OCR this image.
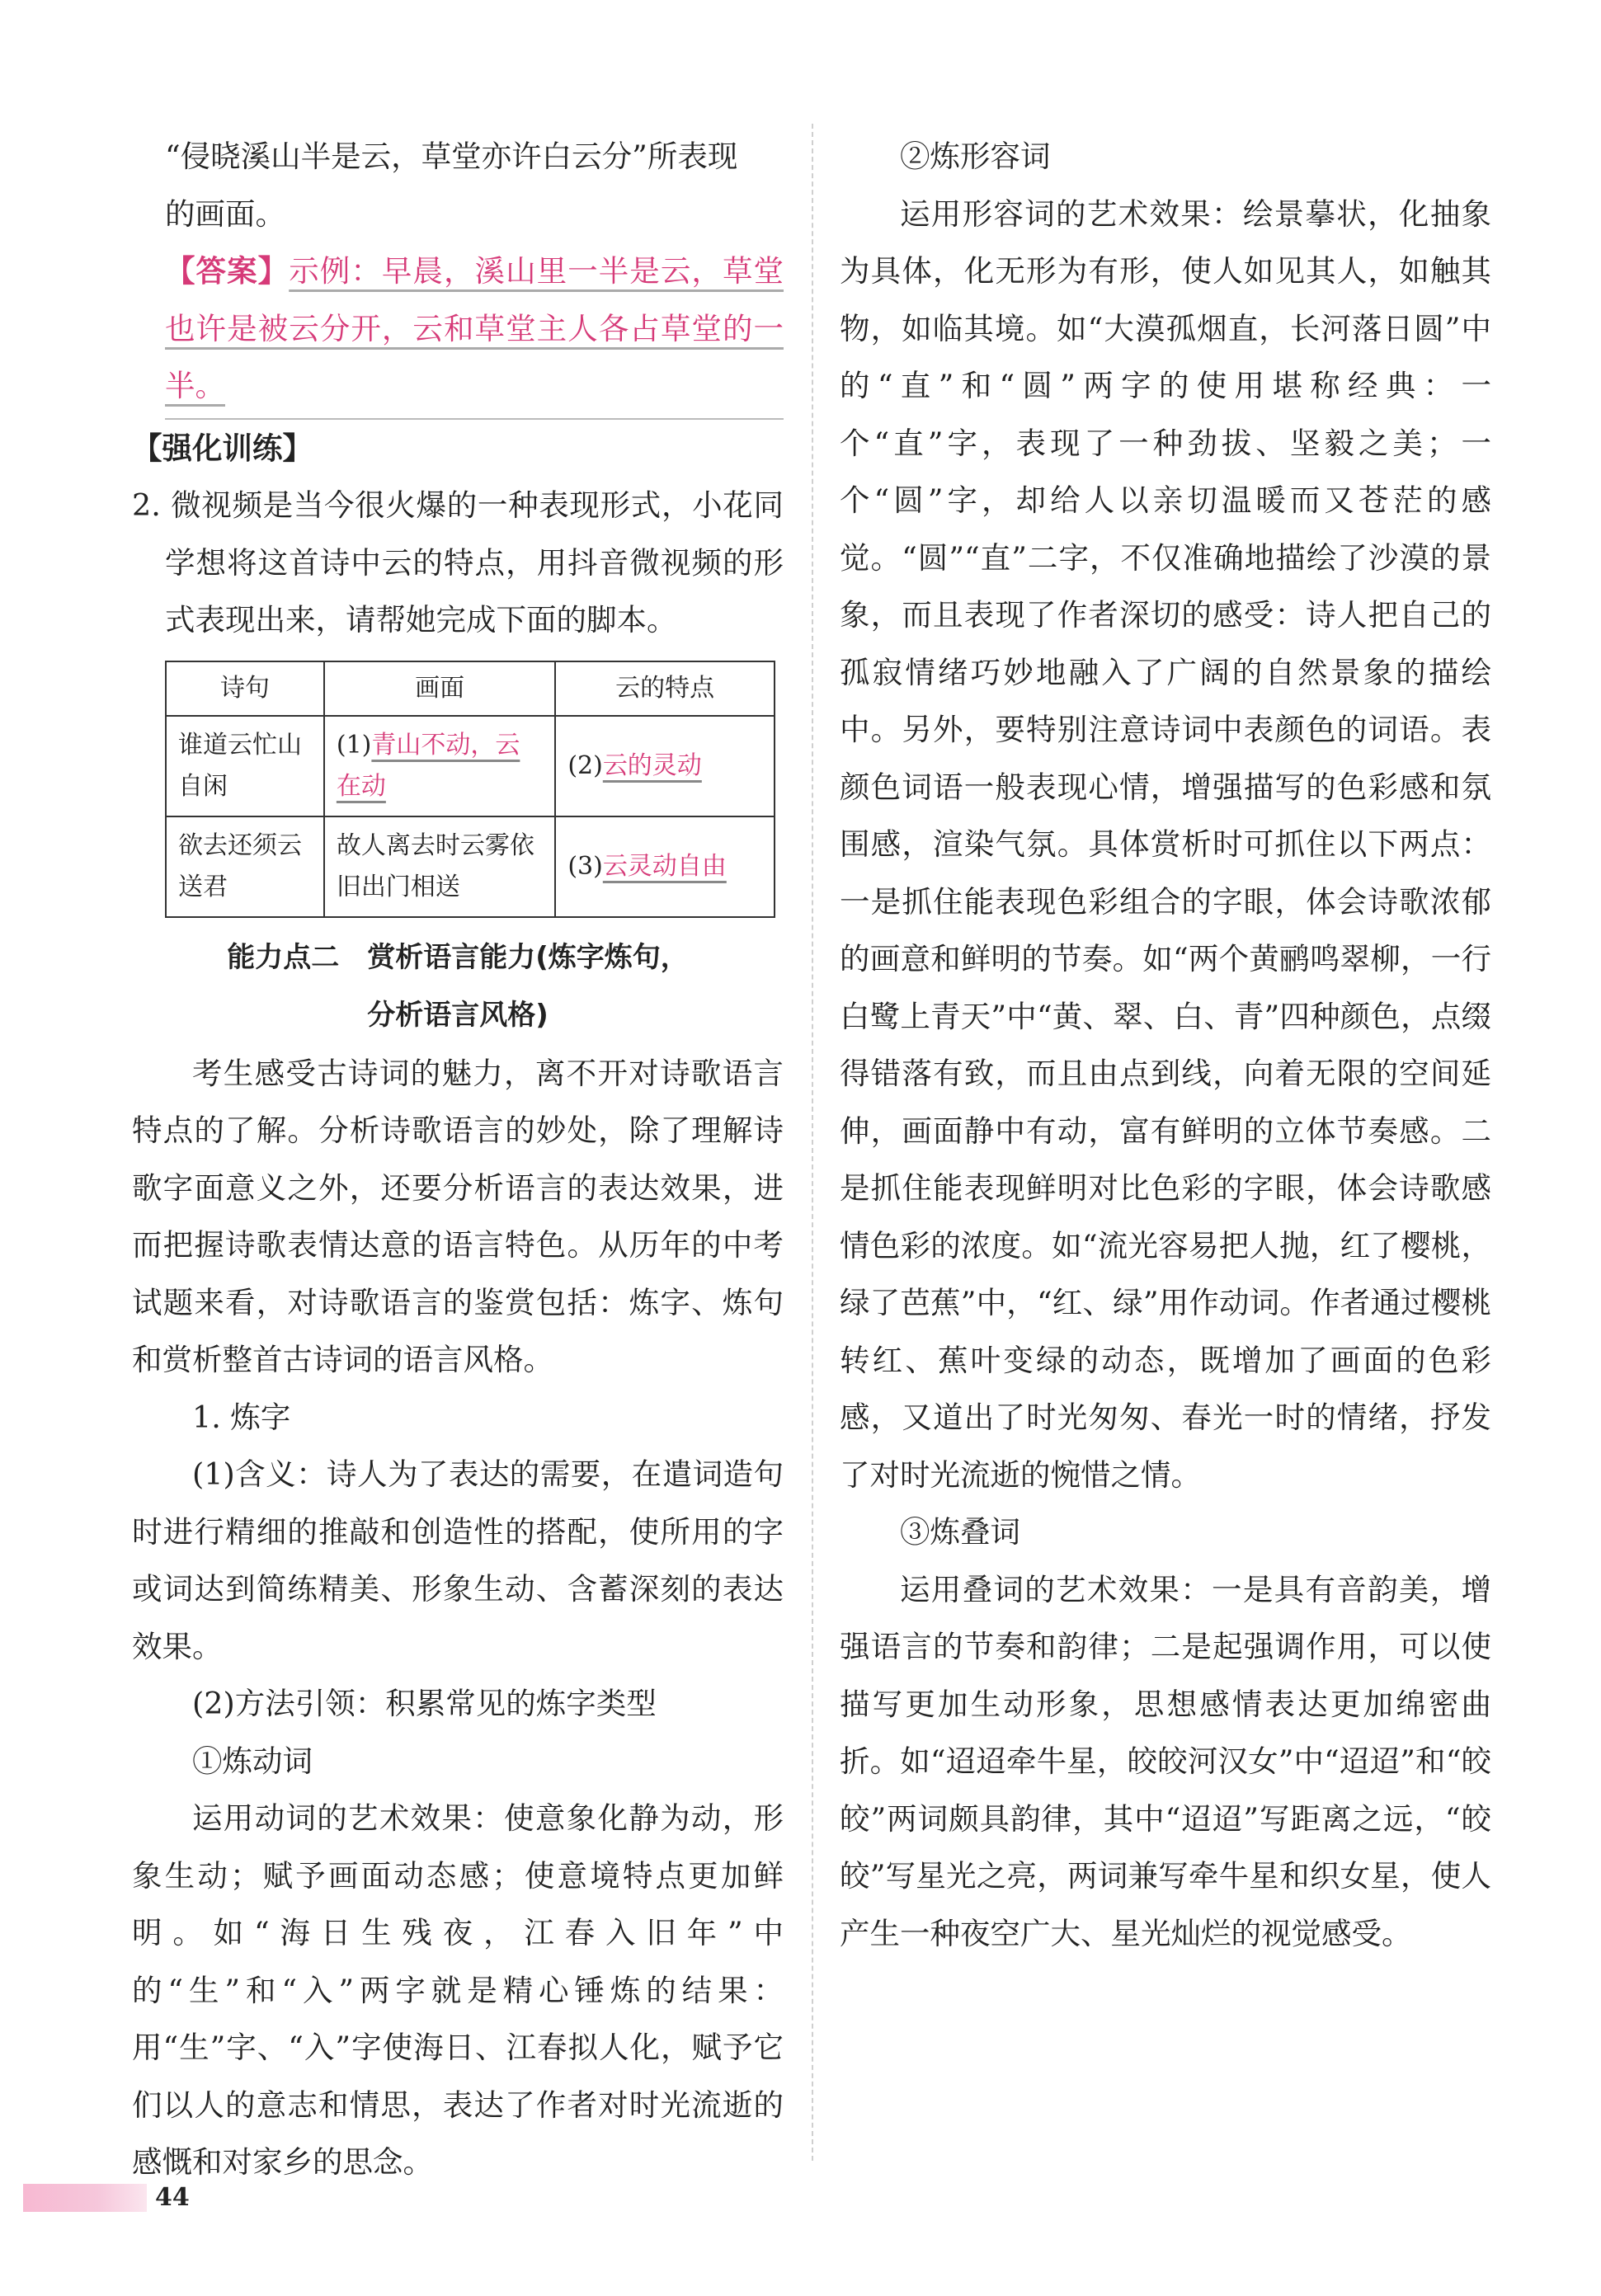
“侵晓溪山半是云，草堂亦许白云分”所表现

的画面。

【答案】示例：早晨，溪山里一半是云，草堂也许是被云分开，云和草堂主人各占草堂的一半。

【强化训练】

2. 微视频是当今很火爆的一种表现形式，小花同学想将这首诗中云的特点，用抖音微视频的形式表现出来，请帮她完成下面的脚本。

诗句	画面	云的特点
谁道云忙山自闲	(1)青山不动，云在动	(2)云的灵动
欲去还须云送君	故人离去时云雾依旧出门相送	(3)云灵动自由
能力点二　赏析语言能力(炼字炼句，
分析语言风格)

考生感受古诗词的魅力，离不开对诗歌语言特点的了解。分析诗歌语言的妙处，除了理解诗歌字面意义之外，还要分析语言的表达效果，进而把握诗歌表情达意的语言特色。从历年的中考试题来看，对诗歌语言的鉴赏包括：炼字、炼句和赏析整首古诗词的语言风格。

1. 炼字

(1)含义：诗人为了表达的需要，在遣词造句时进行精细的推敲和创造性的搭配，使所用的字或词达到简练精美、形象生动、含蓄深刻的表达效果。

(2)方法引领：积累常见的炼字类型

①炼动词

运用动词的艺术效果：使意象化静为动，形象生动；赋予画面动态感；使意境特点更加鲜明。如“海日生残夜，江春入旧年”中的“生”和“入”两字就是精心锤炼的结果：用“生”字、“入”字使海日、江春拟人化，赋予它们以人的意志和情思，表达了作者对时光流逝的感慨和对家乡的思念。

②炼形容词

运用形容词的艺术效果：绘景摹状，化抽象为具体，化无形为有形，使人如见其人，如触其物，如临其境。如“大漠孤烟直，长河落日圆”中的“直”和“圆”两字的使用堪称经典：一个“直”字，表现了一种劲拔、坚毅之美；一个“圆”字，却给人以亲切温暖而又苍茫的感觉。“圆”“直”二字，不仅准确地描绘了沙漠的景象，而且表现了作者深切的感受：诗人把自己的孤寂情绪巧妙地融入了广阔的自然景象的描绘中。另外，要特别注意诗词中表颜色的词语。表颜色词语一般表现心情，增强描写的色彩感和氛围感，渲染气氛。具体赏析时可抓住以下两点：一是抓住能表现色彩组合的字眼，体会诗歌浓郁的画意和鲜明的节奏。如“两个黄鹂鸣翠柳，一行白鹭上青天”中“黄、翠、白、青”四种颜色，点缀得错落有致，而且由点到线，向着无限的空间延伸，画面静中有动，富有鲜明的立体节奏感。二是抓住能表现鲜明对比色彩的字眼，体会诗歌感情色彩的浓度。如“流光容易把人抛，红了樱桃，绿了芭蕉”中，“红、绿”用作动词。作者通过樱桃转红、蕉叶变绿的动态，既增加了画面的色彩感，又道出了时光匆匆、春光一时的情绪，抒发了对时光流逝的惋惜之情。

③炼叠词

运用叠词的艺术效果：一是具有音韵美，增强语言的节奏和韵律；二是起强调作用，可以使描写更加生动形象，思想感情表达更加绵密曲折。如“迢迢牵牛星，皎皎河汉女”中“迢迢”和“皎皎”两词颇具韵律，其中“迢迢”写距离之远，“皎皎”写星光之亮，两词兼写牵牛星和织女星，使人产生一种夜空广大、星光灿烂的视觉感受。

44
